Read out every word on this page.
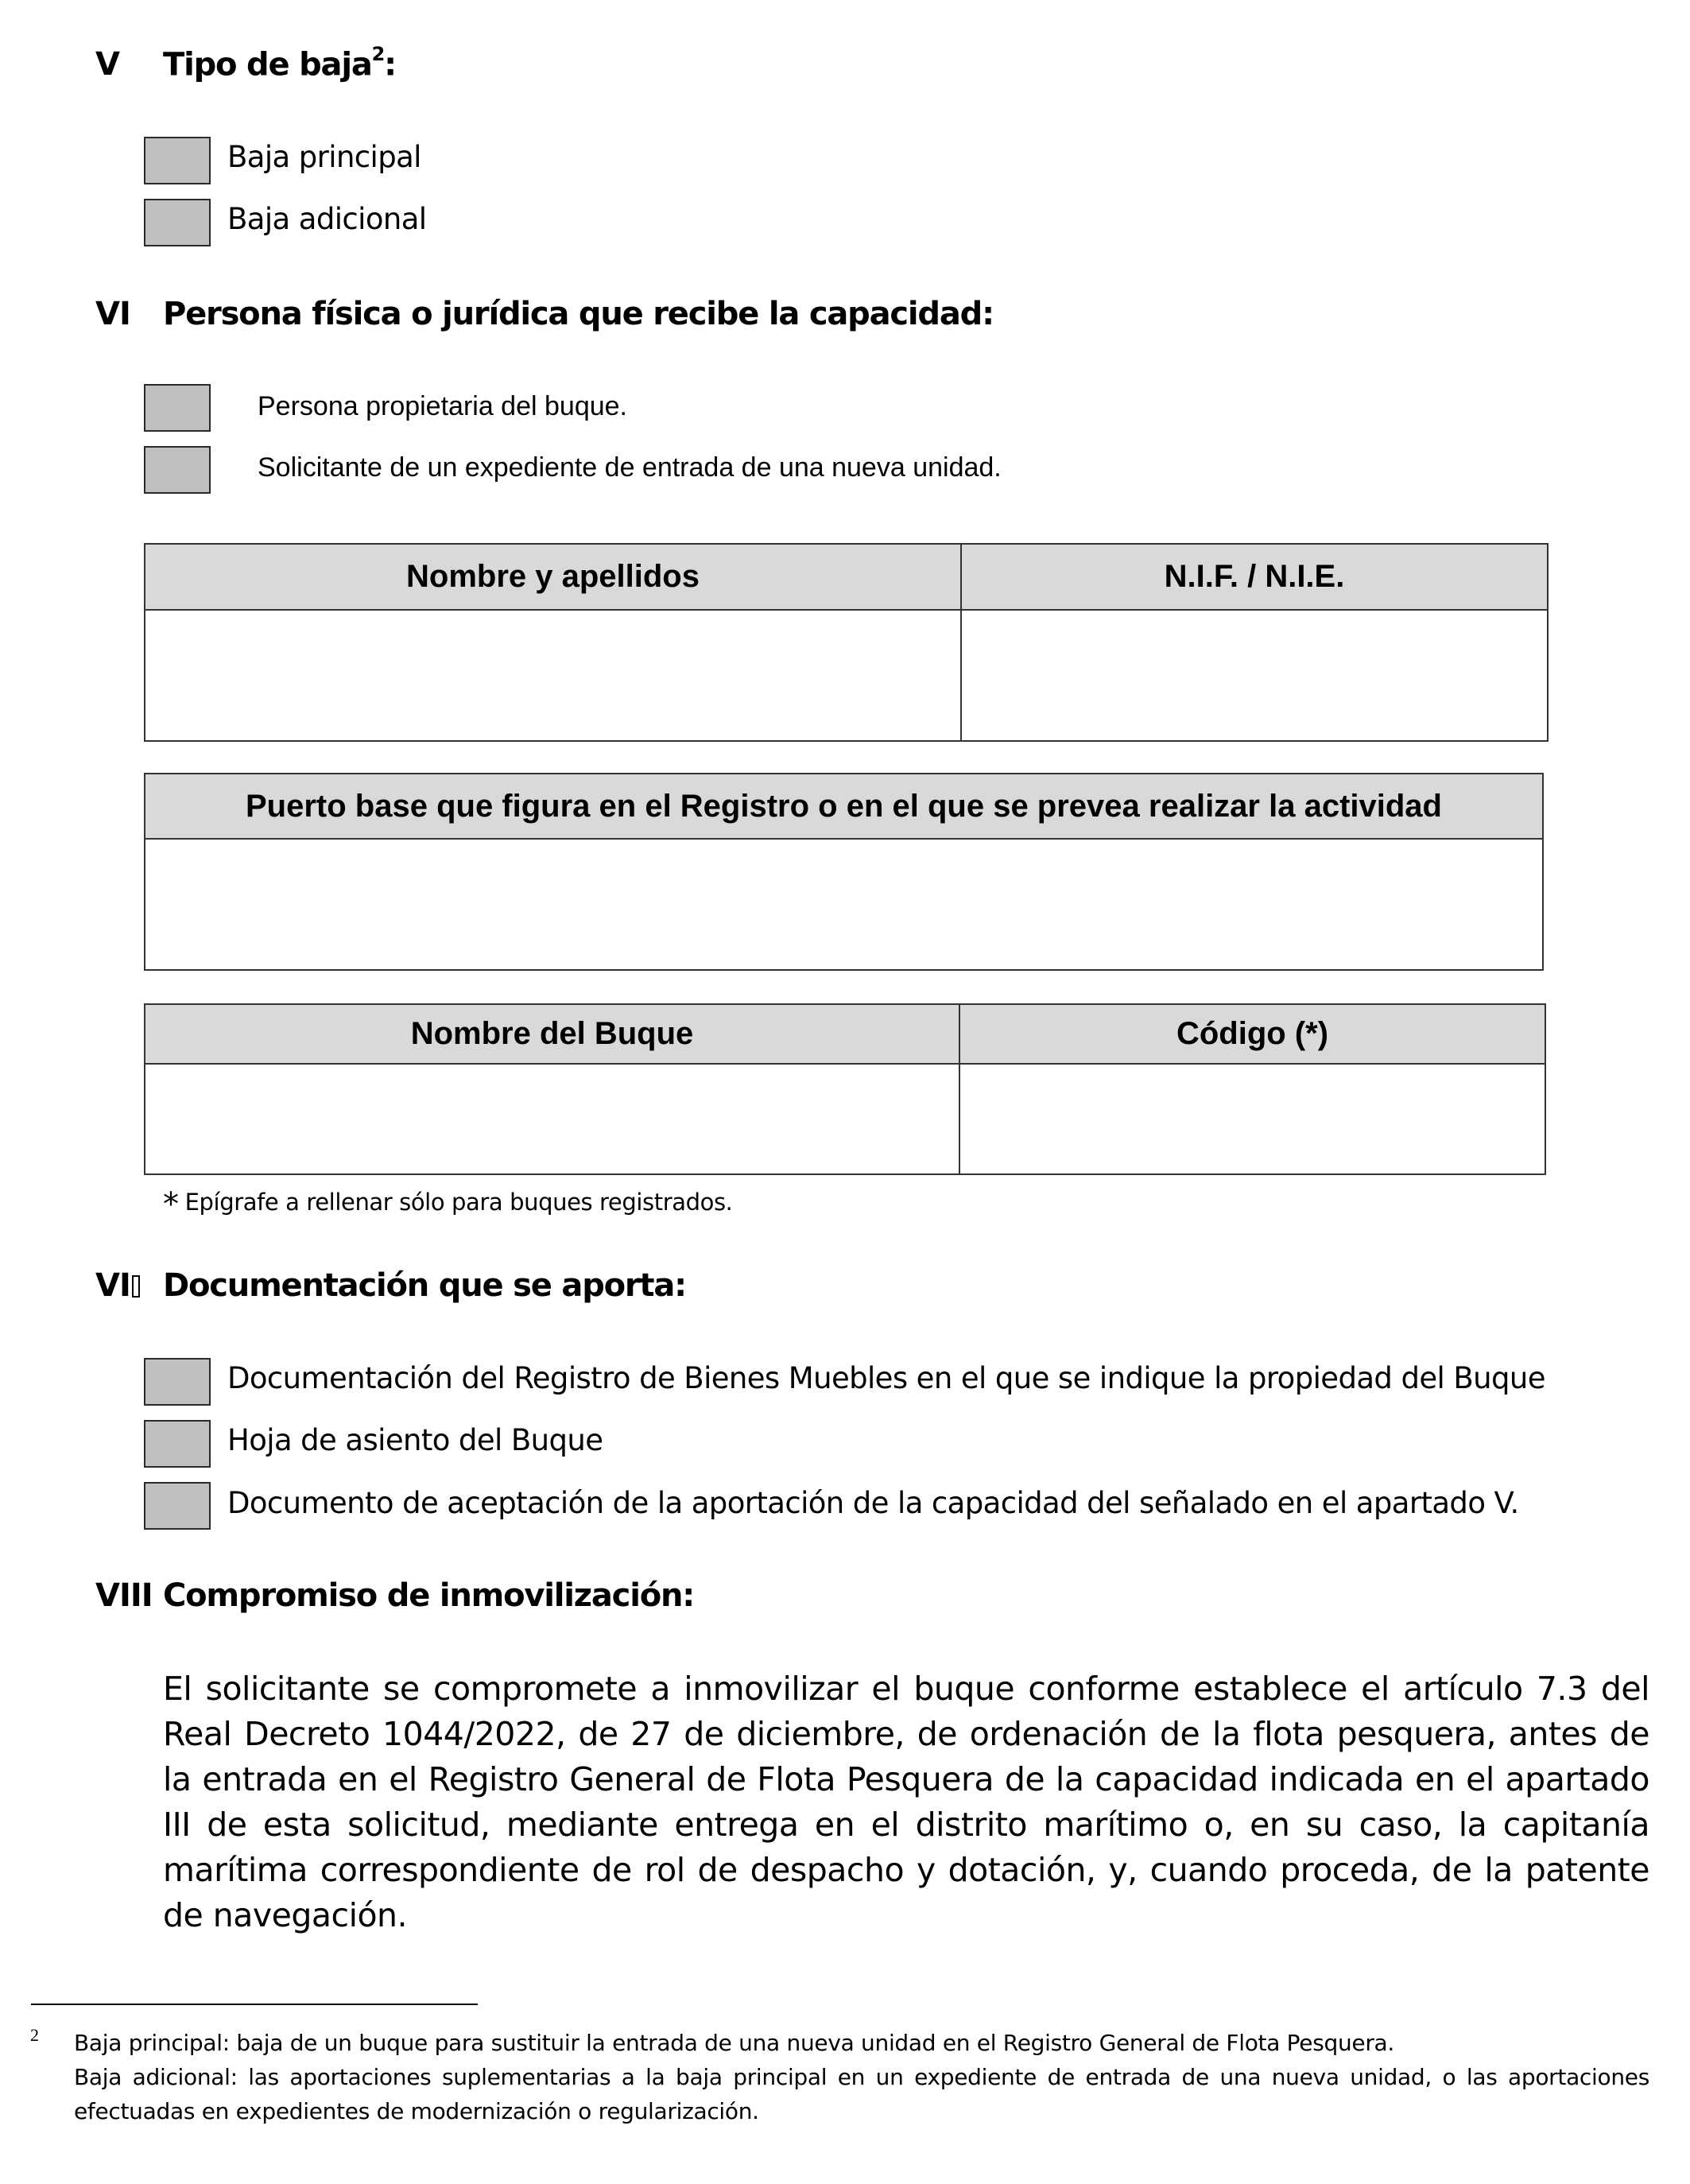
V Tipo de baja$^2$:
Baja principal
Baja adicional
VI Persona física o jurídica que recibe la capacidad:
Persona propietaria del buque.
Solicitante de un expediente de entrada de una nueva unidad.
Nombre y apellidos	N.I.F. / N.I.E.

Puerto base que figura en el Registro o en el que se prevea realizar la actividad

Nombre del Buque	Código (*)

* Epígrafe a rellenar sólo para buques registrados.
VI	Documentación que se aporta:
Documentación del Registro de Bienes Muebles en el que se indique la propiedad del Buque
Hoja de asiento del Buque
Documento de aceptación de la aportación de la capacidad del señalado en el apartado V.
VIII Compromiso de inmovilización:
El solicitante se compromete a inmovilizar el buque conforme establece el artículo 7.3 del Real Decreto 1044/2022, de 27 de diciembre, de ordenación de la flota pesquera, antes de la entrada en el Registro General de Flota Pesquera de la capacidad indicada en el apartado III de esta solicitud, mediante entrega en el distrito marítimo o, en su caso, la capitanía marítima correspondiente de rol de despacho y dotación, y, cuando proceda, de la patente de navegación.
2 Baja principal: baja de un buque para sustituir la entrada de una nueva unidad en el Registro General de Flota Pesquera.
Baja adicional: las aportaciones suplementarias a la baja principal en un expediente de entrada de una nueva unidad, o las aportaciones efectuadas en expedientes de modernización o regularización.
